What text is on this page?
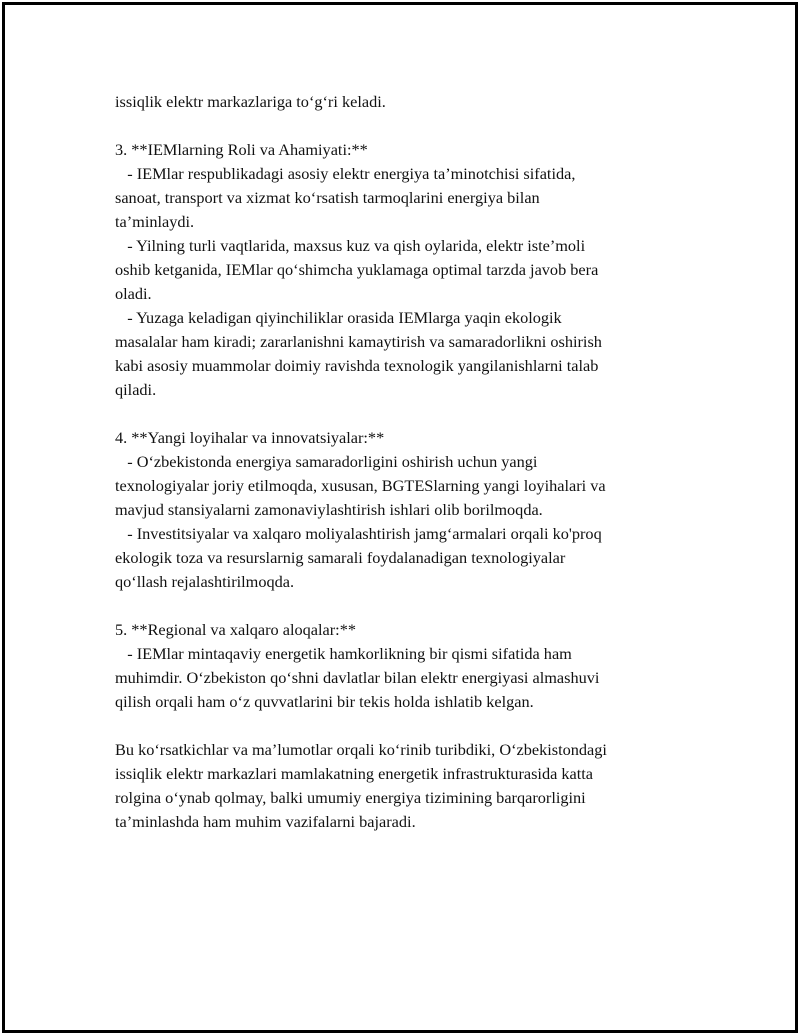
issiqlik elektr markazlariga to‘g‘ri keladi.
3. **IEMlarning Roli va Ahamiyati:**
- IEMlar respublikadagi asosiy elektr energiya ta’minotchisi sifatida,
sanoat, transport va xizmat ko‘rsatish tarmoqlarini energiya bilan
ta’minlaydi.
- Yilning turli vaqtlarida, maxsus kuz va qish oylarida, elektr iste’moli
oshib ketganida, IEMlar qo‘shimcha yuklamaga optimal tarzda javob bera
oladi.
- Yuzaga keladigan qiyinchiliklar orasida IEMlarga yaqin ekologik
masalalar ham kiradi; zararlanishni kamaytirish va samaradorlikni oshirish
kabi asosiy muammolar doimiy ravishda texnologik yangilanishlarni talab
qiladi.
4. **Yangi loyihalar va innovatsiyalar:**
- O‘zbekistonda energiya samaradorligini oshirish uchun yangi
texnologiyalar joriy etilmoqda, xususan, BGTESlarning yangi loyihalari va
mavjud stansiyalarni zamonaviylashtirish ishlari olib borilmoqda.
- Investitsiyalar va xalqaro moliyalashtirish jamg‘armalari orqali ko'proq
ekologik toza va resurslarnig samarali foydalanadigan texnologiyalar
qo‘llash rejalashtirilmoqda.
5. **Regional va xalqaro aloqalar:**
- IEMlar mintaqaviy energetik hamkorlikning bir qismi sifatida ham
muhimdir. O‘zbekiston qo‘shni davlatlar bilan elektr energiyasi almashuvi
qilish orqali ham o‘z quvvatlarini bir tekis holda ishlatib kelgan.
Bu ko‘rsatkichlar va ma’lumotlar orqali ko‘rinib turibdiki, O‘zbekistondagi
issiqlik elektr markazlari mamlakatning energetik infrastrukturasida katta
rolgina o‘ynab qolmay, balki umumiy energiya tizimining barqarorligini
ta’minlashda ham muhim vazifalarni bajaradi.
